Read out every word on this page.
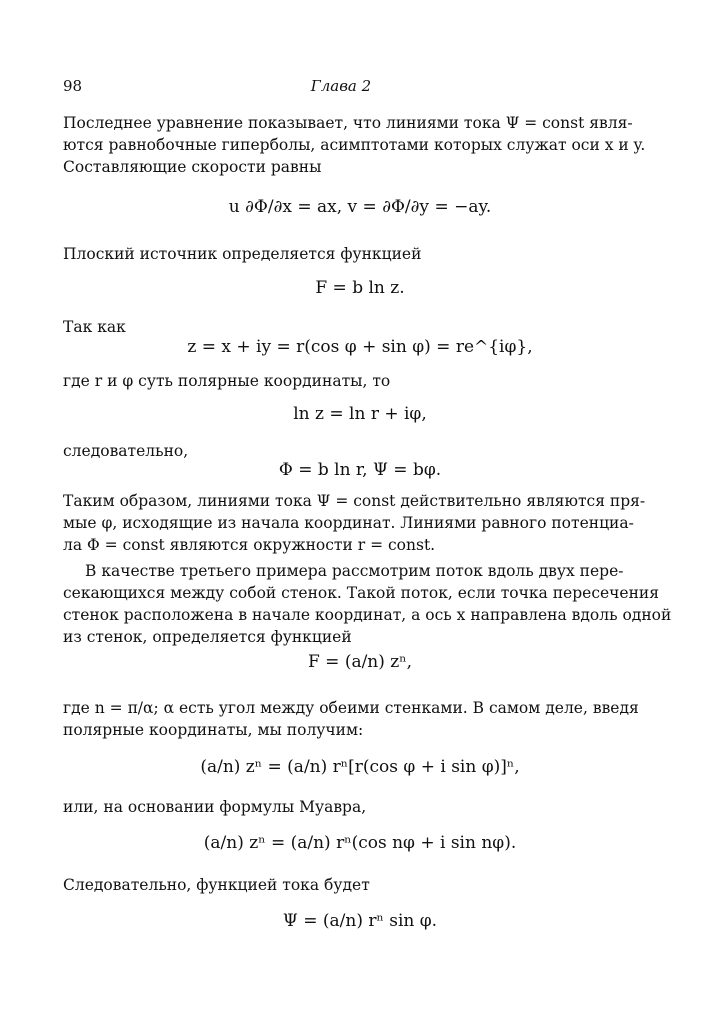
98	Глава 2
Последнее уравнение показывает, что линиями тока Ψ = const явля-
ются равнобочные гиперболы, асимптотами которых служат оси x и y.
Составляющие скорости равны
u ∂Φ/∂x = ax, v = ∂Φ/∂y = −ay.
Плоский источник определяется функцией
F = b ln z.
Так как
z = x + iy = r(cos φ + sin φ) = re^{iφ},
где r и φ суть полярные координаты, то
ln z = ln r + iφ,
следовательно,
Φ = b ln r, Ψ = bφ.
Таким образом, линиями тока Ψ = const действительно являются пря-
мые φ, исходящие из начала координат. Линиями равного потенциа-
ла Φ = const являются окружности r = const.
В качестве третьего примера рассмотрим поток вдоль двух пере-
секающихся между собой стенок. Такой поток, если точка пересечения
стенок расположена в начале координат, а ось x направлена вдоль одной
из стенок, определяется функцией
F = (a/n) zⁿ,
где n = π/α; α есть угол между обеими стенками. В самом деле, введя
полярные координаты, мы получим:
(a/n) zⁿ = (a/n) rⁿ[r(cos φ + i sin φ)]ⁿ,
или, на основании формулы Муавра,
(a/n) zⁿ = (a/n) rⁿ(cos nφ + i sin nφ).
Следовательно, функцией тока будет
Ψ = (a/n) rⁿ sin φ.
